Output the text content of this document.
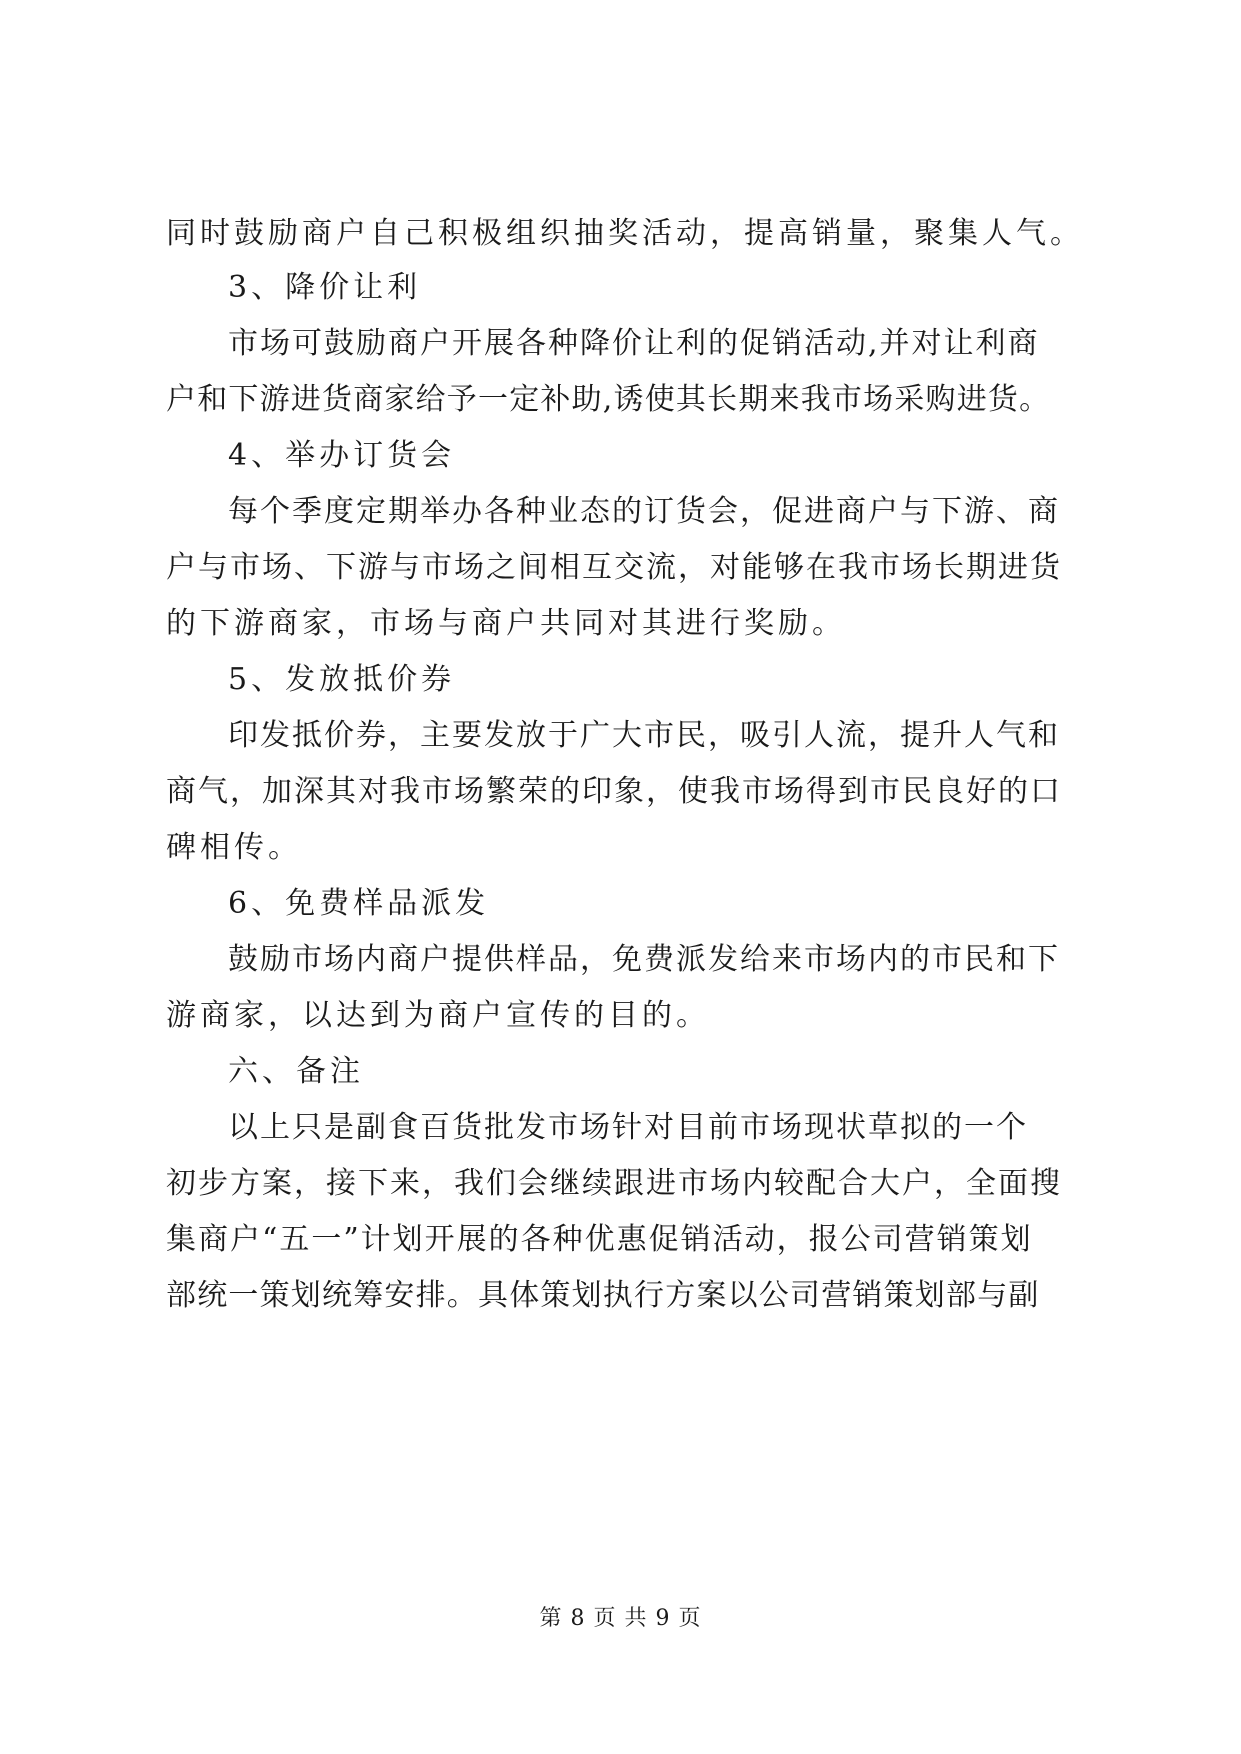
同时鼓励商户自己积极组织抽奖活动，提高销量，聚集人气。
3、降价让利
市场可鼓励商户开展各种降价让利的促销活动,并对让利商
户和下游进货商家给予一定补助,诱使其长期来我市场采购进货。
4、举办订货会
每个季度定期举办各种业态的订货会，促进商户与下游、商
户与市场、下游与市场之间相互交流，对能够在我市场长期进货
的下游商家，市场与商户共同对其进行奖励。
5、发放抵价券
印发抵价券，主要发放于广大市民，吸引人流，提升人气和
商气，加深其对我市场繁荣的印象，使我市场得到市民良好的口
碑相传。
6、免费样品派发
鼓励市场内商户提供样品，免费派发给来市场内的市民和下
游商家，以达到为商户宣传的目的。
六、备注
以上只是副食百货批发市场针对目前市场现状草拟的一个
初步方案，接下来，我们会继续跟进市场内较配合大户，全面搜
集商户“五一”计划开展的各种优惠促销活动，报公司营销策划
部统一策划统筹安排。具体策划执行方案以公司营销策划部与副
第 8 页 共 9 页
